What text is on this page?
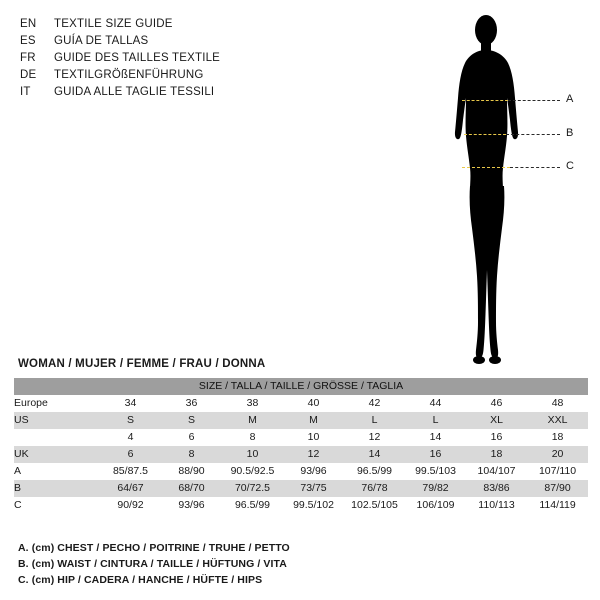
EN	TEXTILE SIZE GUIDE
ES	GUÍA DE TALLAS
FR	GUIDE DES TAILLES TEXTILE
DE	TEXTILGRÖßENFÜHRUNG
IT	GUIDA ALLE TAGLIE TESSILI
A
B
C
WOMAN / MUJER / FEMME / FRAU / DONNA
SIZE / TALLA / TAILLE / GRÖSSE / TAGLIA								
Europe	34	36	38	40	42	44	46	48
US	S	S	M	M	L	L	XL	XXL
	4	6	8	10	12	14	16	18
UK	6	8	10	12	14	16	18	20
A	85/87.5	88/90	90.5/92.5	93/96	96.5/99	99.5/103	104/107	107/110
B	64/67	68/70	70/72.5	73/75	76/78	79/82	83/86	87/90
C	90/92	93/96	96.5/99	99.5/102	102.5/105	106/109	110/113	114/119
A. (cm) CHEST / PECHO / POITRINE / TRUHE / PETTO
B. (cm) WAIST / CINTURA / TAILLE / HÜFTUNG / VITA
C. (cm) HIP / CADERA / HANCHE / HÜFTE / HIPS
